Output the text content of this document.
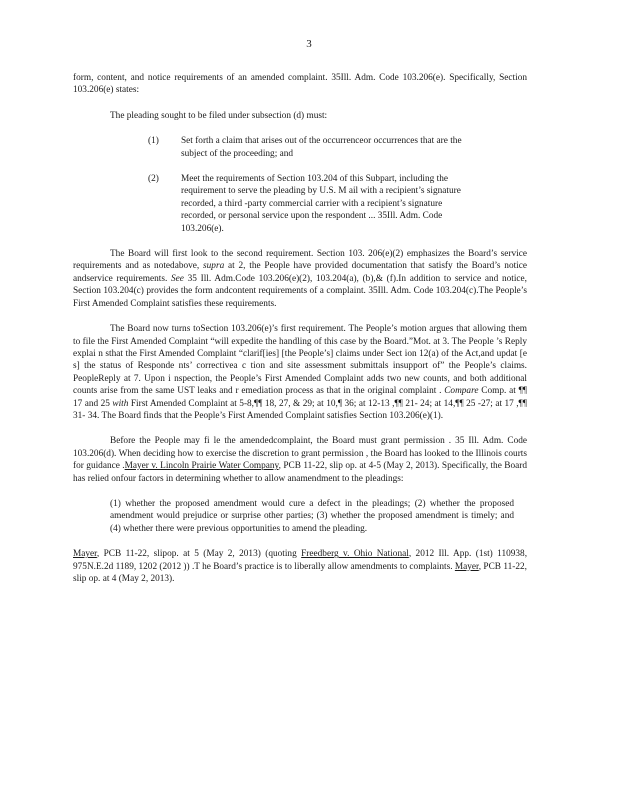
3

form, content, and notice requirements of an amended complaint. 35Ill. Adm. Code 103.206(e). Specifically, Section 103.206(e) states:

The pleading sought to be filed under subsection (d) must:

(1) Set forth a claim that arises out of the occurrenceor occurrences that are the subject of the proceeding; and
(2) Meet the requirements of Section 103.204 of this Subpart, including the requirement to serve the pleading by U.S. M ail with a recipient’s signature recorded, a third -party commercial carrier with a recipient’s signature recorded, or personal service upon the respondent ... 35Ill. Adm. Code 103.206(e).

The Board will first look to the second requirement. Section 103. 206(e)(2) emphasizes the Board’s service requirements and as notedabove, supra at 2, the People have provided documentation that satisfy the Board’s notice andservice requirements. See 35 Ill. Adm.Code 103.206(e)(2), 103.204(a), (b),& (f).In addition to service and notice, Section 103.204(c) provides the form andcontent requirements of a complaint. 35Ill. Adm. Code 103.204(c).The People’s First Amended Complaint satisfies these requirements.

The Board now turns toSection 103.206(e)’s first requirement. The People’s motion argues that allowing them to file the First Amended Complaint “will expedite the handling of this case by the Board.”Mot. at 3. The People ’s Reply explai n sthat the First Amended Complaint “clarif[ies] [the People’s] claims under Sect ion 12(a) of the Act,and updat [e s] the status of Responde nts’ correctivea c tion and site assessment submittals insupport of” the People’s claims. PeopleReply at 7. Upon i nspection, the People’s First Amended Complaint adds two new counts, and both additional counts arise from the same UST leaks and r emediation process as that in the original complaint . Compare Comp. at ¶¶ 17 and 25 with First Amended Complaint at 5-8,¶¶ 18, 27, & 29; at 10,¶ 36; at 12-13 ,¶¶ 21- 24; at 14,¶¶ 25 -27; at 17 ,¶¶ 31- 34. The Board finds that the People’s First Amended Complaint satisfies Section 103.206(e)(1).

Before the People may fi le the amendedcomplaint, the Board must grant permission . 35 Ill. Adm. Code 103.206(d). When deciding how to exercise the discretion to grant permission , the Board has looked to the Illinois courts for guidance .Mayer v. Lincoln Prairie Water Company, PCB 11-22, slip op. at 4-5 (May 2, 2013). Specifically, the Board has relied onfour factors in determining whether to allow anamendment to the pleadings:

(1) whether the proposed amendment would cure a defect in the pleadings; (2) whether the proposed amendment would prejudice or surprise other parties; (3) whether the proposed amendment is timely; and (4) whether there were previous opportunities to amend the pleading.

Mayer, PCB 11-22, slipop. at 5 (May 2, 2013) (quoting Freedberg v. Ohio National, 2012 Ill. App. (1st) 110938, 975N.E.2d 1189, 1202 (2012 )) .T he Board’s practice is to liberally allow amendments to complaints. Mayer, PCB 11-22, slip op. at 4 (May 2, 2013).
